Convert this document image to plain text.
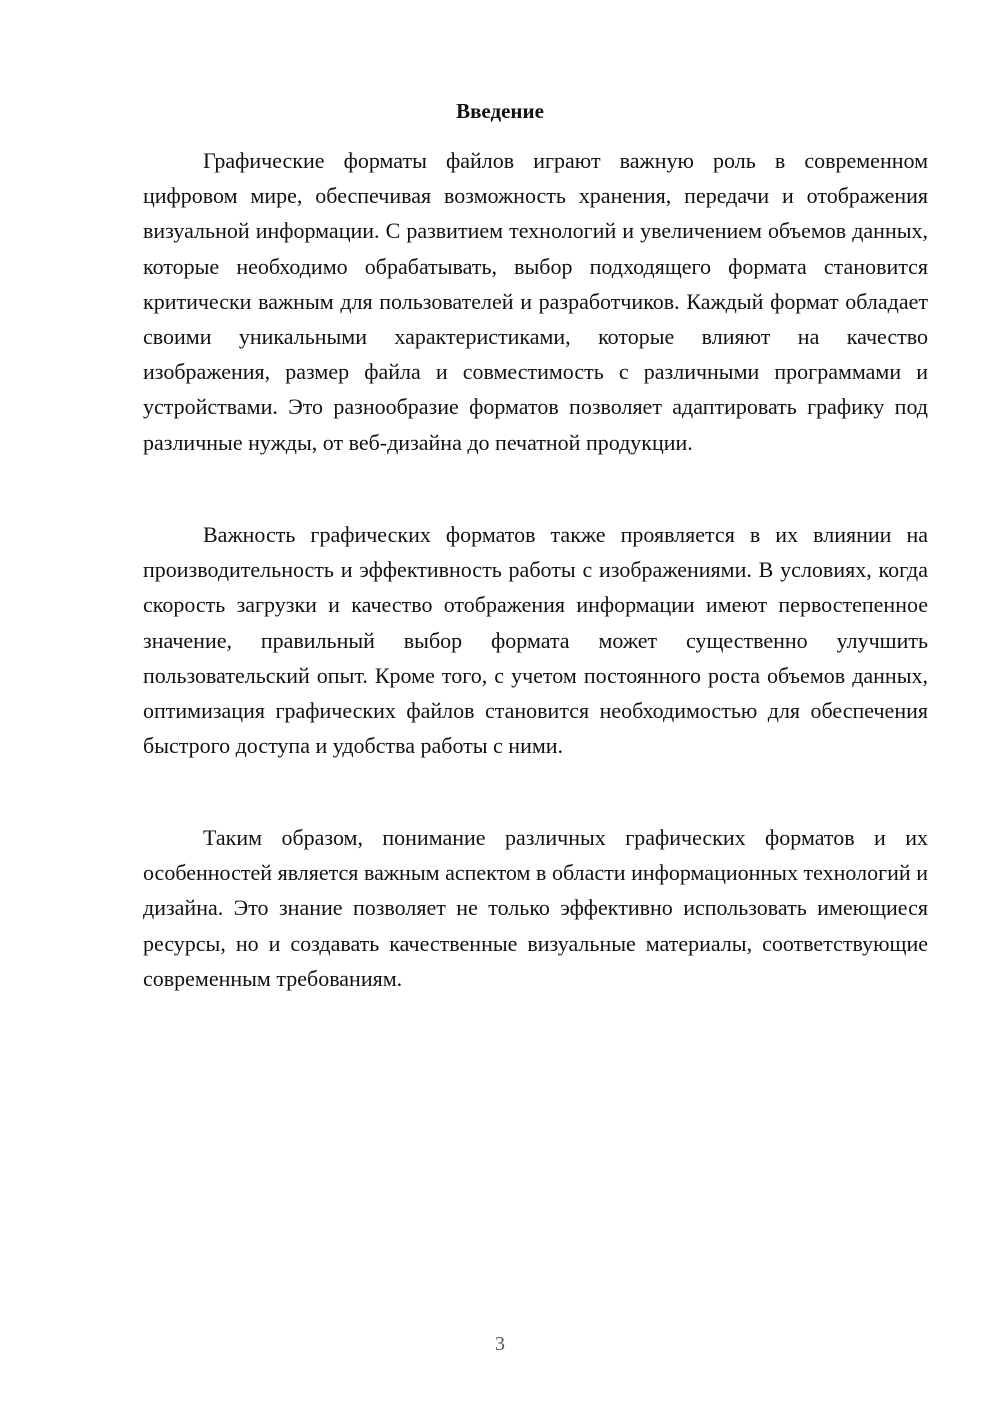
Введение

Графические форматы файлов играют важную роль в современном цифровом мире, обеспечивая возможность хранения, передачи и отображения визуальной информации. С развитием технологий и увеличением объемов данных, которые необходимо обрабатывать, выбор подходящего формата становится критически важным для пользователей и разработчиков. Каждый формат обладает своими уникальными характеристиками, которые влияют на качество изображения, размер файла и совместимость с различными программами и устройствами. Это разнообразие форматов позволяет адаптировать графику под различные нужды, от веб-дизайна до печатной продукции.

Важность графических форматов также проявляется в их влиянии на производительность и эффективность работы с изображениями. В условиях, когда скорость загрузки и качество отображения информации имеют первостепенное значение, правильный выбор формата может существенно улучшить пользовательский опыт. Кроме того, с учетом постоянного роста объемов данных, оптимизация графических файлов становится необходимостью для обеспечения быстрого доступа и удобства работы с ними.

Таким образом, понимание различных графических форматов и их особенностей является важным аспектом в области информационных технологий и дизайна. Это знание позволяет не только эффективно использовать имеющиеся ресурсы, но и создавать качественные визуальные материалы, соответствующие современным требованиям.

3
